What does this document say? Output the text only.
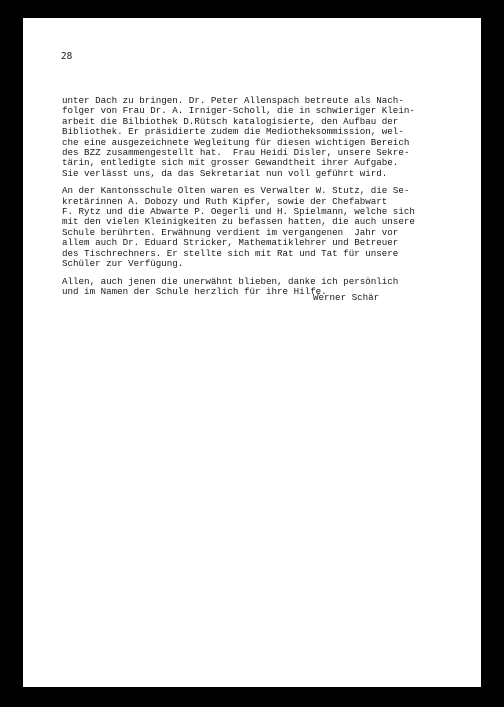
28

unter Dach zu bringen. Dr. Peter Allenspach betreute als Nach-
folger von Frau Dr. A. Irniger-Scholl, die in schwieriger Klein-
arbeit die Bilbiothek D.Rütsch katalogisierte, den Aufbau der
Bibliothek. Er präsidierte zudem die Mediotheksommission, wel-
che eine ausgezeichnete Wegleitung für diesen wichtigen Bereich
des BZZ zusammengestellt hat.  Frau Heidi Disler, unsere Sekre-
tärin, entledigte sich mit grosser Gewandtheit ihrer Aufgabe.
Sie verlässt uns, da das Sekretariat nun voll geführt wird.

An der Kantonsschule Olten waren es Verwalter W. Stutz, die Se-
kretärinnen A. Dobozy und Ruth Kipfer, sowie der Chefabwart
F. Rytz und die Abwarte P. Oegerli und H. Spielmann, welche sich
mit den vielen Kleinigkeiten zu befassen hatten, die auch unsere
Schule berührten. Erwähnung verdient im vergangenen  Jahr vor
allem auch Dr. Eduard Stricker, Mathematiklehrer und Betreuer
des Tischrechners. Er stellte sich mit Rat und Tat für unsere
Schüler zur Verfügung.

Allen, auch jenen die unerwähnt blieben, danke ich persönlich
und im Namen der Schule herzlich für ihre Hilfe.

Werner Schär
